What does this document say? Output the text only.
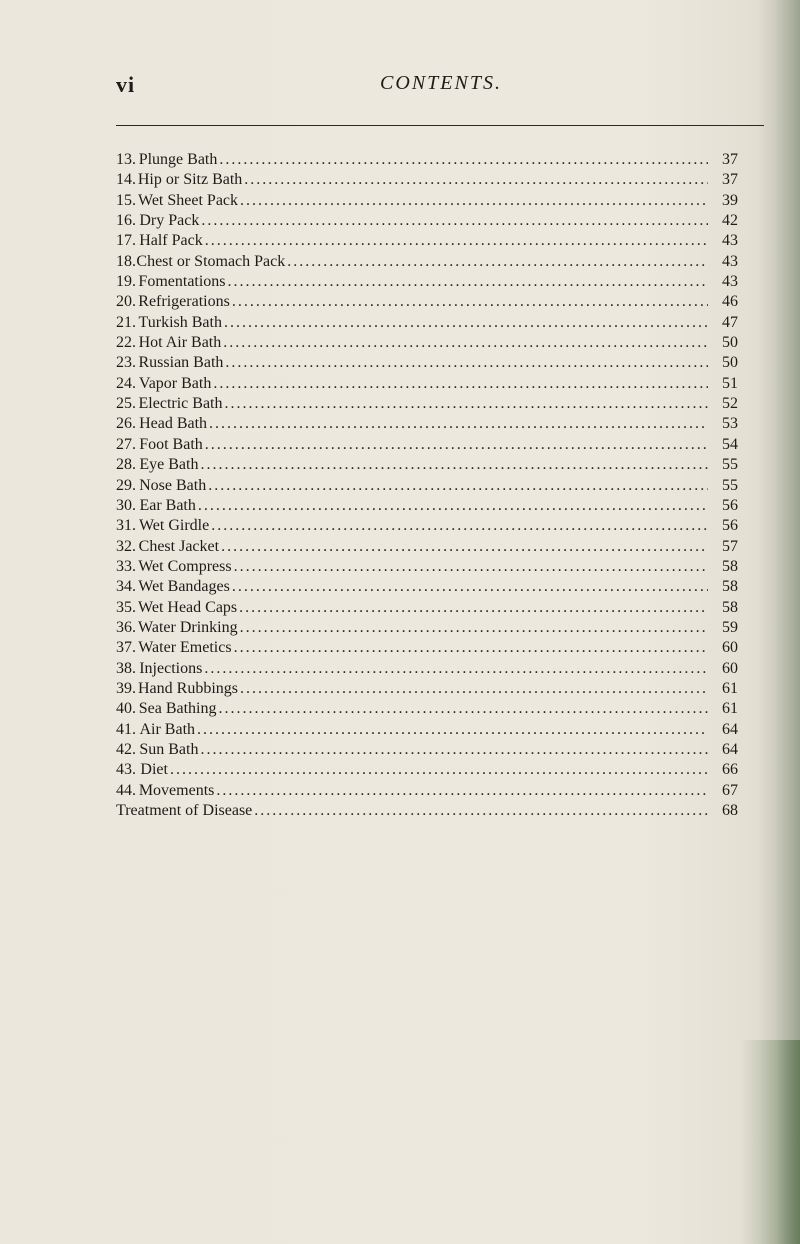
vi	CONTENTS.
13. Plunge Bath . . .	37
14. Hip or Sitz Bath . . .	37
15. Wet Sheet Pack . . .	39
16. Dry Pack . . .	42
17. Half Pack . . .	43
18. Chest or Stomach Pack . . .	43
19. Fomentations . . .	43
20. Refrigerations . . .	46
21. Turkish Bath . . .	47
22. Hot Air Bath . . .	50
23. Russian Bath . . .	50
24. Vapor Bath . . .	51
25. Electric Bath . . .	52
26. Head Bath . . .	53
27. Foot Bath . . .	54
28. Eye Bath . . .	55
29. Nose Bath . . .	55
30. Ear Bath . . .	56
31. Wet Girdle . . .	56
32. Chest Jacket . . .	57
33. Wet Compress . . .	58
34. Wet Bandages . . .	58
35. Wet Head Caps . . .	58
36. Water Drinking . . .	59
37. Water Emetics . . .	60
38. Injections . . .	60
39. Hand Rubbings . . .	61
40. Sea Bathing . . .	61
41. Air Bath . . .	64
42. Sun Bath . . .	64
43. Diet . . .	66
44. Movements . . .	67
Treatment of Disease . . .	68
